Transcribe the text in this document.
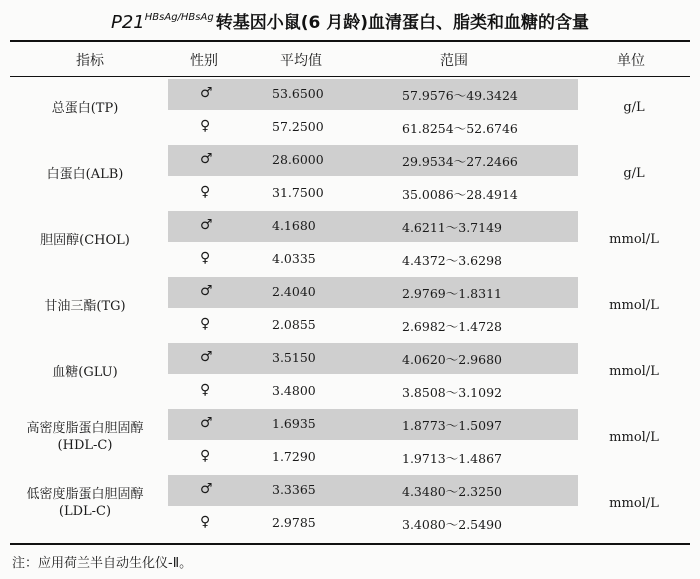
$P21^{HBsAg/HBsAg}$ 转基因小鼠(6 月龄)血清蛋白、脂类和血糖的含量
指标	性别	平均值	范围	单位
总蛋白(TP)	g/L
♂	53.6500	57.9576～49.3424
♀	57.2500	61.8254～52.6746
白蛋白(ALB)	g/L
♂	28.6000	29.9534～27.2466
♀	31.7500	35.0086～28.4914
胆固醇(CHOL)	mmol/L
♂	4.1680	4.6211～3.7149
♀	4.0335	4.4372～3.6298
甘油三酯(TG)	mmol/L
♂	2.4040	2.9769～1.8311
♀	2.0855	2.6982～1.4728
血糖(GLU)	mmol/L
♂	3.5150	4.0620～2.9680
♀	3.4800	3.8508～3.1092
高密度脂蛋白胆固醇
(HDL-C)
mmol/L
♂	1.6935	1.8773～1.5097
♀	1.7290	1.9713～1.4867
低密度脂蛋白胆固醇
(LDL-C)
mmol/L
♂	3.3365	4.3480～2.3250
♀	2.9785	3.4080～2.5490
注：应用荷兰半自动生化仪-Ⅱ。
